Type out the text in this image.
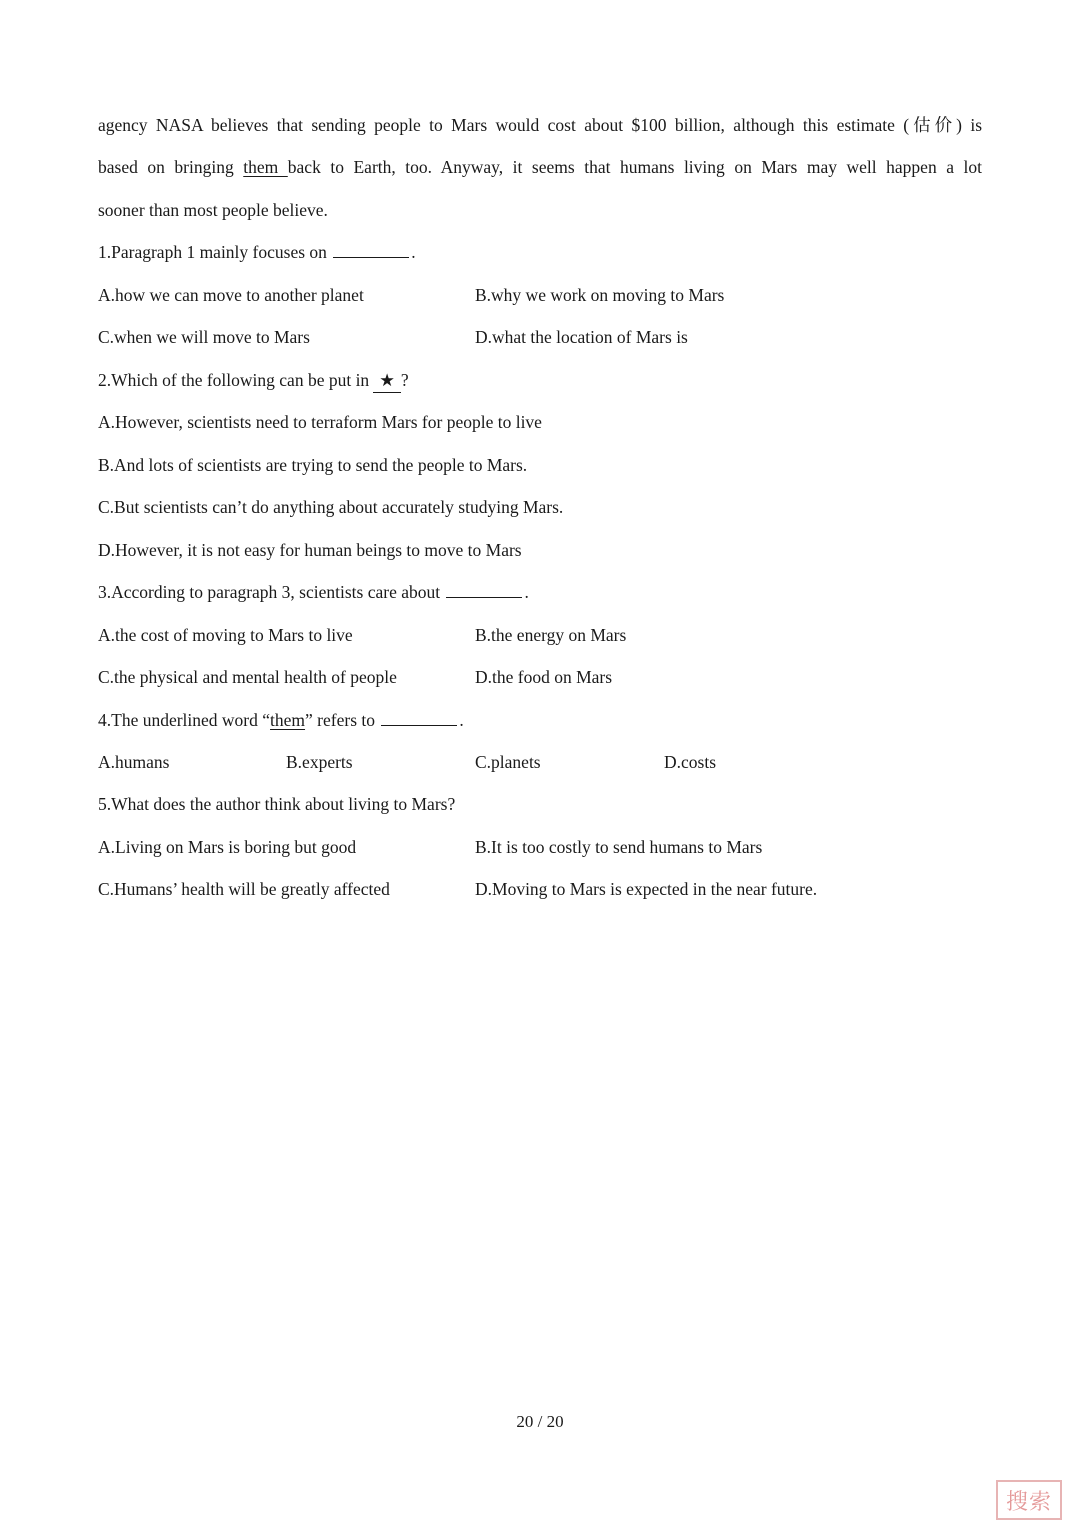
agency NASA believes that sending people to Mars would cost about $100 billion, although this estimate (估价) is
based on bringing them back to Earth, too. Anyway, it seems that humans living on Mars may well happen a lot
sooner than most people believe.
1.Paragraph 1 mainly focuses on	.
A.how we can move to another planet	B.why we work on moving to Mars
C.when we will move to Mars	D.what the location of Mars is
2.Which of the following can be put in ★ ?
A.However, scientists need to terraform Mars for people to live
B.And lots of scientists are trying to send the people to Mars.
C.But scientists can’t do anything about accurately studying Mars.
D.However, it is not easy for human beings to move to Mars
3.According to paragraph 3, scientists care about	.
A.the cost of moving to Mars to live	B.the energy on Mars
C.the physical and mental health of people	D.the food on Mars
4.The underlined word “them” refers to	.
A.humans	B.experts	C.planets	D.costs
5.What does the author think about living to Mars?
A.Living on Mars is boring but good	B.It is too costly to send humans to Mars
C.Humans’ health will be greatly affected	D.Moving to Mars is expected in the near future.
20 / 20
搜索
